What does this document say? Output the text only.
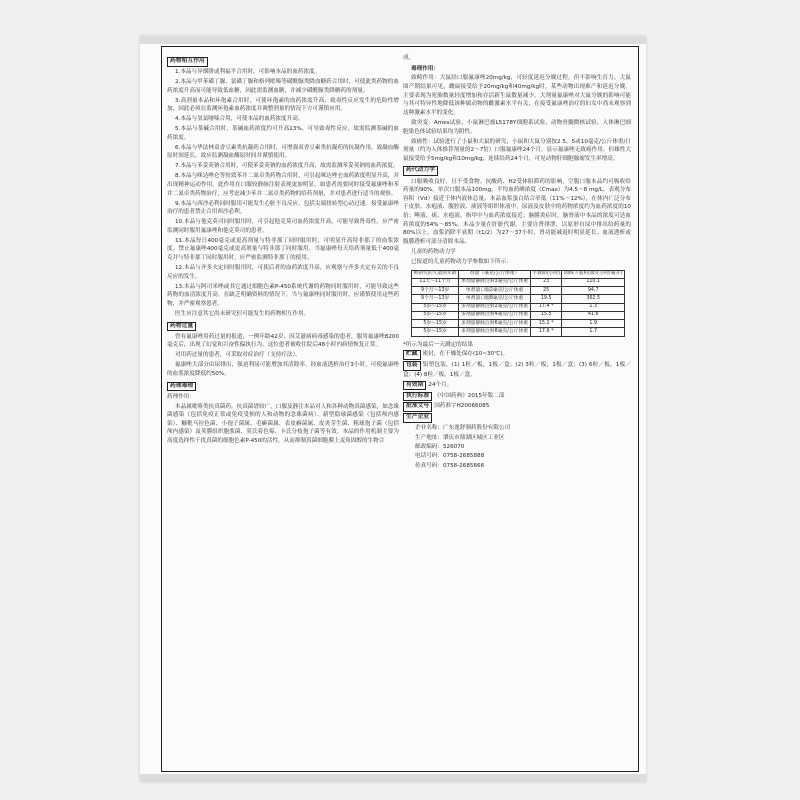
药物相互作用
1.本品与异烟肼或利福平合用时，可影响本品的血药浓度。
2.本品与甲苯磺丁脲、氯磺丁脲和格列吡嗪等磺酰脲类降血糖药合用时，可使此类药物的血药浓度升高而可能导致低血糖，因此需监测血糖，并减少磺酰脲类降糖药的剂量。
3.高剂量本品和环孢素合用时，可使环孢素的血药浓度升高，致毒性反应发生的危险性增加，因此必须在监测环孢素血药浓度并调整剂量的情况下方可谨慎应用。
4.本品与氢氯噻嗪合用，可使本品的血药浓度升高。
5.本品与茶碱合用时，茶碱血药浓度约可升高13%，可导致毒性反应，故需监测茶碱的血药浓度。
6.本品与华法林双香豆素类抗凝药合用时，可增强双香豆素类抗凝药的抗凝作用，致凝血酶原时间延长，故应监测凝血酶原时间并谨慎使用。
7.本品与苯妥英钠合用时，可使苯妥英钠的血药浓度升高，故需监测苯妥英钠的血药浓度。
8.本品与咪达唑仑等短效苯并二氮卓类药物合用时，可引起咪达唑仑血药浓度明显升高，并出现精神运动作用。此作用在口服较静脉注射表现更加明显，如患者需要同时接受氟康唑和苯并二氮卓类药物治疗，应考虑减少苯并二氮卓类药物的给药剂量，并对患者进行适当的观察。
9.本品与西沙必利同时服用可能发生心脏不良反应，包括尖端扭转型心动过速。接受氟康唑治疗的患者禁止合用西沙必利。
10.本品与他克莫司同时服用时，可引起他克莫司血药浓度升高，可能导致肾毒性。应严密监测同时服用氟康唑和他克莫司的患者。
11.本品每日400毫克或更高剂量与特非那丁同时服用时，可明显升高特非那丁的血浆浓度。禁止氟康唑400毫克或更高剂量与特非那丁同时服用。当氟康唑每天给药剂量低于400毫克并与特非那丁同时服用时，应严密监测特非那丁的使用。
12.本品与齐多夫定同时服用时，可使后者的血药浓度升高，应观察与齐多夫定有关的不良反应的发生。
13.本品与阿司米唑或其它通过细胞色素P-450系统代谢的药物同时服用时，可能导致这些药物的血清浓度升高。在缺乏明确资料的情况下，当与氟康唑同时服用时，应谨慎使用这些药物，并严密观察患者。
医生应注意其它尚未研究但可能发生的药物相互作用。
药物过量
曾有氟康唑用药过量的报道，一例年龄42岁、因艾滋病病毒感染的患者，服用氟康唑8200毫克后，出现了幻觉和兴奋性偏执行为。这位患者被收住院后48小时内病情恢复正常。
对用药过量的患者，可采取对症治疗（支持疗法）。
氟康唑大部分由尿排出，强迫利尿可能增加其清除率。经血液透析治疗3小时，可使氟康唑的血浆浓度降低约50%。
药理毒理
药理作用：
本品属吡咯类抗真菌药。抗真菌谱较广，口服及静注本品对人和各种动物真菌感染，如念珠菌感染（包括免疫正常或免疫受损的人和动物的念珠菌病）、新型隐球菌感染（包括颅内感染）、糠秕马拉色菌、小孢子菌属、毛癣菌属、表皮癣菌属、皮炎芽生菌、粗球孢子菌（包括颅内感染）及荚膜组织胞浆菌、荚氏着色霉、卡氏分枝孢子菌等有效。本品的作用机制主要为高度选择性干扰真菌的细胞色素P-450的活性，从而抑制真菌细胞膜上麦角固醇的生物合
成。
毒理作用：
致畸作用：大鼠经口服氟康唑20mg/kg，可轻度延迟分娩过程，但不影响生育力。大鼠围产期结果可见，雌鼠接受给予20mg/kg和40mg/kg时，某些动物出现难产和延迟分娩。主要表现为死胎数量轻度增加和存活新生鼠数量减少。大剂量氟康唑对大鼠分娩的影响可能与其可特异性地降低该种属动物的雌激素水平有关，在接受氟康唑治疗的妇女中尚未观察到这种激素水平的变化。
致突变：Ames试验、小鼠淋巴瘤L5178Y细胞系试验、动物骨髓微核试验、人体淋巴细胞染色体试验结果均为阴性。
致癌性：试验进行了小鼠和大鼠的研究，小鼠和大鼠分别按2.5、5或10毫克/公斤体重/日剂量（约为人体推荐剂量的2～7倍）口服氟康唑24个月，显示氟康唑无致癌作用。但雄性大鼠接受给予5mg/kg和10mg/kg，连续给药24个月，可见动物肝细胞腺瘤发生率增高。
药代动力学
口服吸收良好，且不受食物、抗酸药、H2受体阻滞药的影响。空腹口服本品约可吸收给药量的90%。单次口服本品100mg，平均血药峰浓度（Cmax）为4.5～8 mg/L，表观分布容积（Vd）接近于体内液体总量。本品血浆蛋白结合率低（11%～12%），在体内广泛分布于皮肤、水疱液、腹腔液、痰液等组织体液中，尿液及皮肤中的药物浓度约为血药浓度的10倍；唾液、痰、水疱液、指甲中与血药浓度接近；脑膜炎症时，脑脊液中本品的浓度可达血药浓度的54%～85%。本品少量在肝脏代谢，主要自肾排泄，以原形自尿中排出给药量的80%以上，血浆消除半衰期（t1/2）为27～37小时，肾功能减退时明显延长。血液透析或腹膜透析可部分清除本品。
儿童的药物动力学
已报道的儿童药物动力学参数如下所示：
被研究的儿童的年龄	剂量（毫克/公斤体重）	半衰期(小时)	曲线下面积(微克小时/毫升)
11天～11个月	单剂量静脉注射3毫克/公斤体重	23	110.1
9个月～13岁	单剂量口服2毫克/公斤体重	25	94.7
9个月～13岁	单剂量口服8毫克/公斤体重	19.5	362.5
5岁～15岁	多剂量静脉注射2毫克/公斤体重	17.4 *	1.3
5岁～15岁	多剂量静脉注射4毫克/公斤体重	15.5	41.6
5岁～15岁	多剂量静脉注射6毫克/公斤体重	15.2 *	1.9
5岁～15岁	多剂量静脉注射8毫克/公斤体重	17.6 *	1.7
*所示为最后一天测定的结果
贮藏 密封，在干燥处保存(10~30℃)。
包装 铝塑包装，(1) 1粒／板，1板／盒；(2) 3粒／板，1板／盒；(3) 6粒／板，1板／盒；(4) 8粒／板，1板／盒。
有效期 24个月。
执行标准 《中国药典》2015年版二部
批准文号 国药准字H20066085
生产企业
企业名称：广东逸舒制药股份有限公司
生产地址：肇庆市鼎湖区城区工业区
邮政编码：526070
电话号码：0758-2685888
传真号码：0758-2685666
